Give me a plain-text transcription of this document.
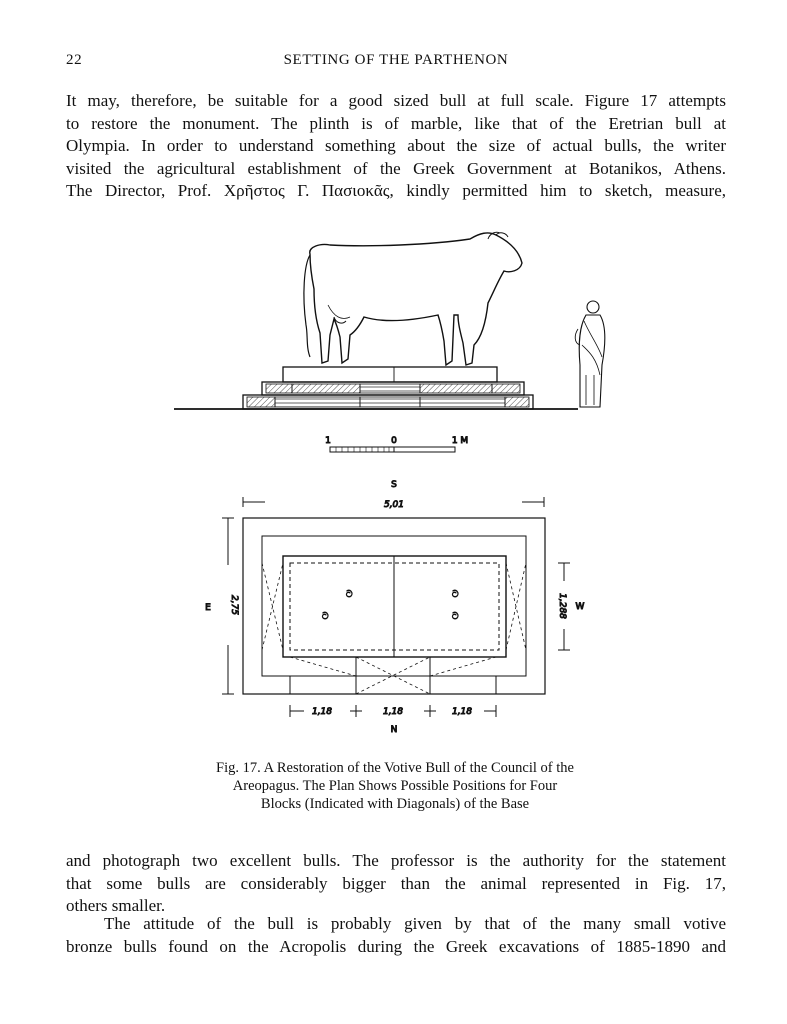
22	SETTING OF THE PARTHENON
It may, therefore, be suitable for a good sized bull at full scale. Figure 17 attempts
to restore the monument. The plinth is of marble, like that of the Eretrian bull at
Olympia. In order to understand something about the size of actual bulls, the writer
visited the agricultural establishment of the Greek Government at Botanikos, Athens.
The Director, Prof. Χρῆστος Γ. Πασιοκᾶς, kindly permitted him to sketch, measure,
1	0	1 M
S
5,01
ට
ට
ට
ට
E 2,75	1,288 W
1,18	1,18	1,18
N
Fig. 17. A Restoration of the Votive Bull of the Council of the
Areopagus. The Plan Shows Possible Positions for Four
Blocks (Indicated with Diagonals) of the Base
and photograph two excellent bulls. The professor is the authority for the statement
that some bulls are considerably bigger than the animal represented in Fig. 17,
others smaller.
The attitude of the bull is probably given by that of the many small votive
bronze bulls found on the Acropolis during the Greek excavations of 1885-1890 and
